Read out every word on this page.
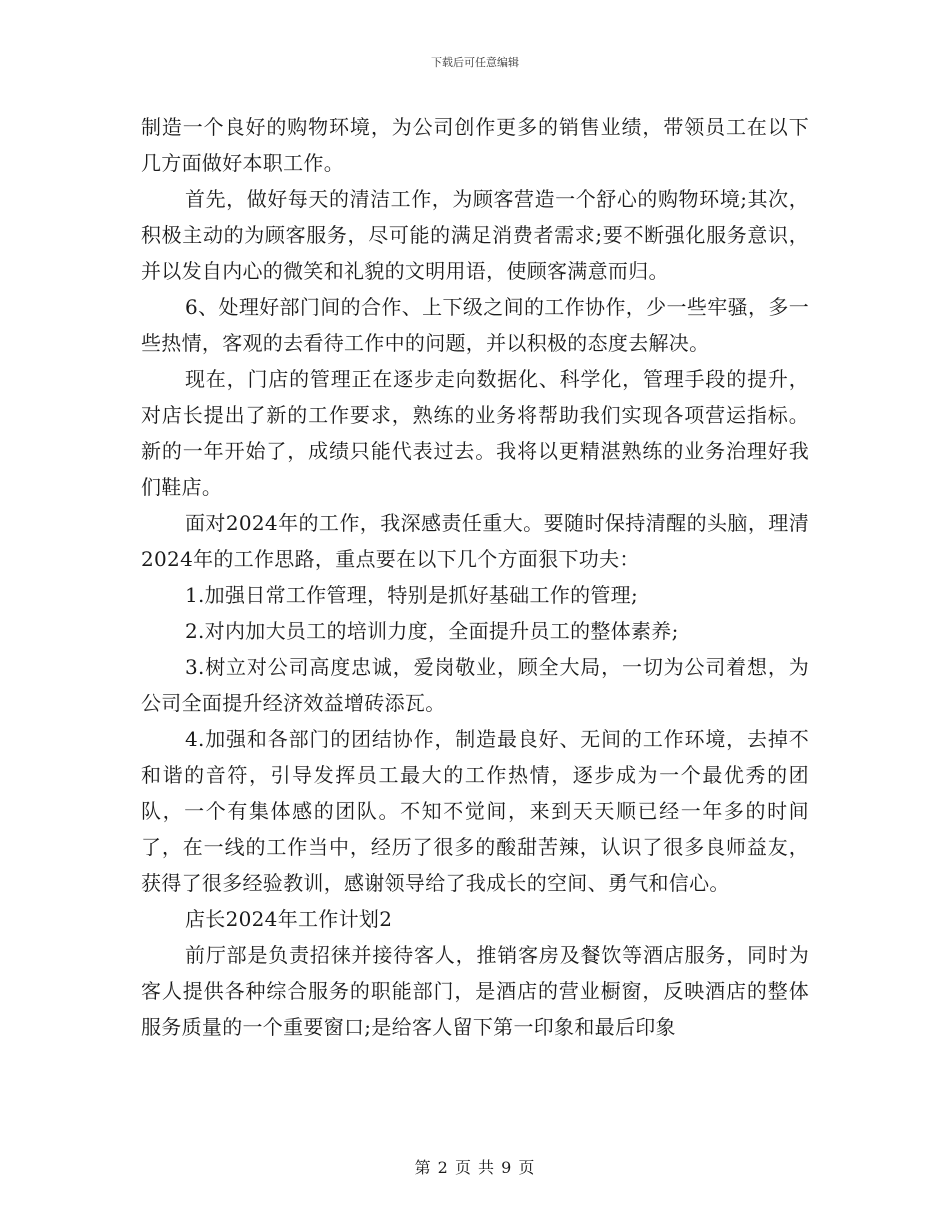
下载后可任意编辑

制造一个良好的购物环境，为公司创作更多的销售业绩，带领员工在以下几方面做好本职工作。

首先，做好每天的清洁工作，为顾客营造一个舒心的购物环境;其次，积极主动的为顾客服务，尽可能的满足消费者需求;要不断强化服务意识，并以发自内心的微笑和礼貌的文明用语，使顾客满意而归。

6、处理好部门间的合作、上下级之间的工作协作，少一些牢骚，多一些热情，客观的去看待工作中的问题，并以积极的态度去解决。

现在，门店的管理正在逐步走向数据化、科学化，管理手段的提升，对店长提出了新的工作要求，熟练的业务将帮助我们实现各项营运指标。新的一年开始了，成绩只能代表过去。我将以更精湛熟练的业务治理好我们鞋店。

面对2024年的工作，我深感责任重大。要随时保持清醒的头脑，理清2024年的工作思路，重点要在以下几个方面狠下功夫：

1.加强日常工作管理，特别是抓好基础工作的管理;

2.对内加大员工的培训力度，全面提升员工的整体素养;

3.树立对公司高度忠诚，爱岗敬业，顾全大局，一切为公司着想，为公司全面提升经济效益增砖添瓦。

4.加强和各部门的团结协作，制造最良好、无间的工作环境，去掉不和谐的音符，引导发挥员工最大的工作热情，逐步成为一个最优秀的团队，一个有集体感的团队。不知不觉间，来到天天顺已经一年多的时间了，在一线的工作当中，经历了很多的酸甜苦辣，认识了很多良师益友，获得了很多经验教训，感谢领导给了我成长的空间、勇气和信心。

店长2024年工作计划2

前厅部是负责招徕并接待客人，推销客房及餐饮等酒店服务，同时为客人提供各种综合服务的职能部门，是酒店的营业橱窗，反映酒店的整体服务质量的一个重要窗口;是给客人留下第一印象和最后印象

第 2 页 共 9 页
